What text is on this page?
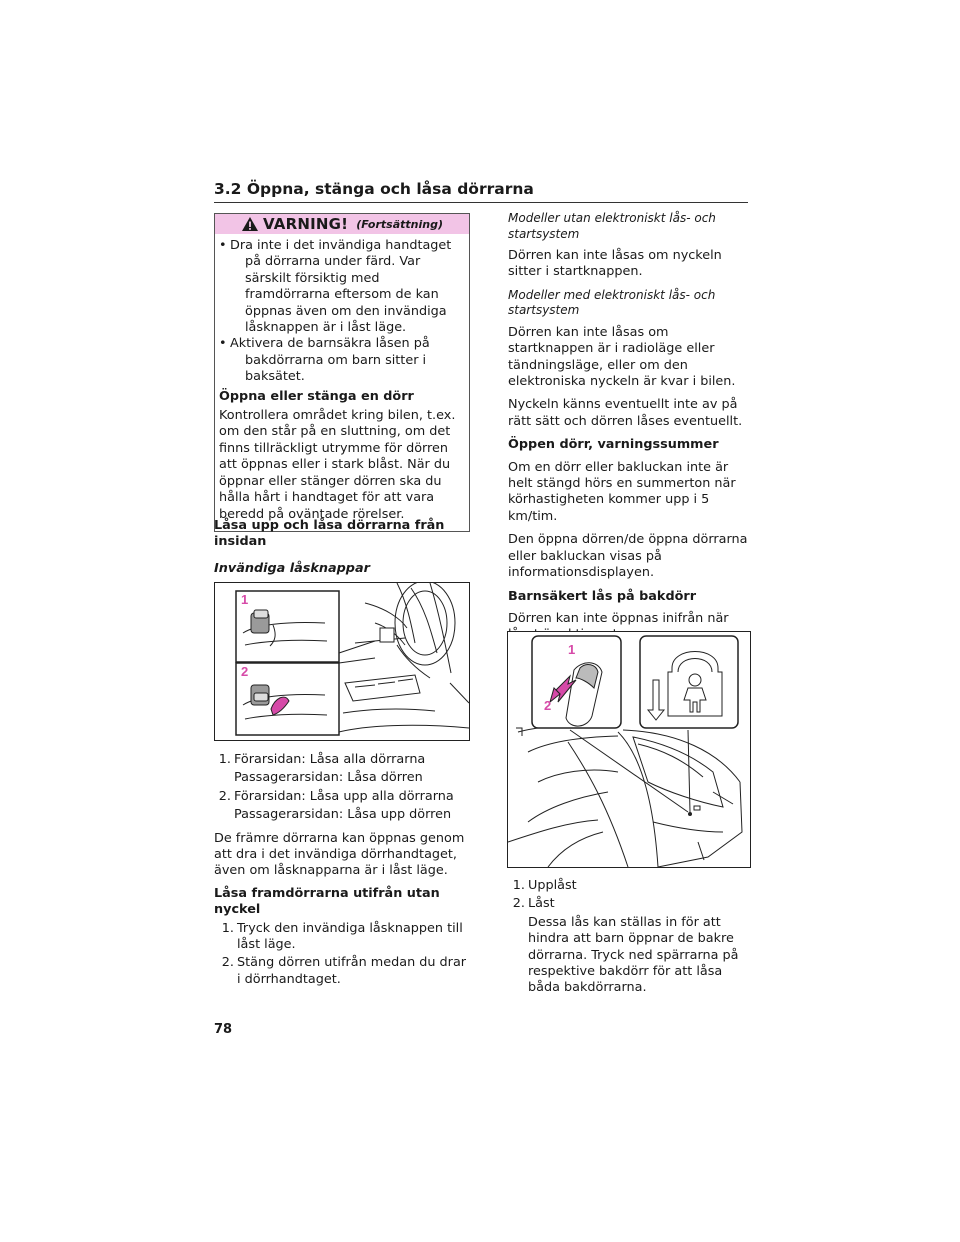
3.2 Öppna, stänga och låsa dörrarna
VARNING! (Fortsättning)
• Dra inte i det invändiga handtaget på dörrarna under färd. Var särskilt försiktig med framdörrarna eftersom de kan öppnas även om den invändiga låsknappen är i låst läge.
• Aktivera de barnsäkra låsen på bakdörrarna om barn sitter i baksätet.
Öppna eller stänga en dörr
Kontrollera området kring bilen, t.ex. om den står på en sluttning, om det finns tillräckligt utrymme för dörren att öppnas eller i stark blåst. När du öppnar eller stänger dörren ska du hålla hårt i handtaget för att vara beredd på oväntade rörelser.
Låsa upp och låsa dörrarna från insidan
Invändiga låsknappar
1
2
1. Förarsidan: Låsa alla dörrarna
Passagerarsidan: Låsa dörren
2. Förarsidan: Låsa upp alla dörrarna
Passagerarsidan: Låsa upp dörren
De främre dörrarna kan öppnas genom att dra i det invändiga dörrhandtaget, även om låsknapparna är i låst läge.
Låsa framdörrarna utifrån utan nyckel
1. Tryck den invändiga låsknappen till låst läge.
2. Stäng dörren utifrån medan du drar i dörrhandtaget.
Modeller utan elektroniskt lås- och startsystem
Dörren kan inte låsas om nyckeln sitter i startknappen.
Modeller med elektroniskt lås- och startsystem
Dörren kan inte låsas om startknappen är i radioläge eller tändningsläge, eller om den elektroniska nyckeln är kvar i bilen.
Nyckeln känns eventuellt inte av på rätt sätt och dörren låses eventuellt.
Öppen dörr, varningssummer
Om en dörr eller bakluckan inte är helt stängd hörs en summerton när körhastigheten kommer upp i 5 km/tim.
Den öppna dörren/de öppna dörrarna eller bakluckan visas på informationsdisplayen.
Barnsäkert lås på bakdörr
Dörren kan inte öppnas inifrån när
1
2
1. Upplåst
2. Låst
Dessa lås kan ställas in för att hindra att barn öppnar de bakre dörrarna. Tryck ned spärrarna på respektive bakdörr för att låsa båda bakdörrarna.
78
